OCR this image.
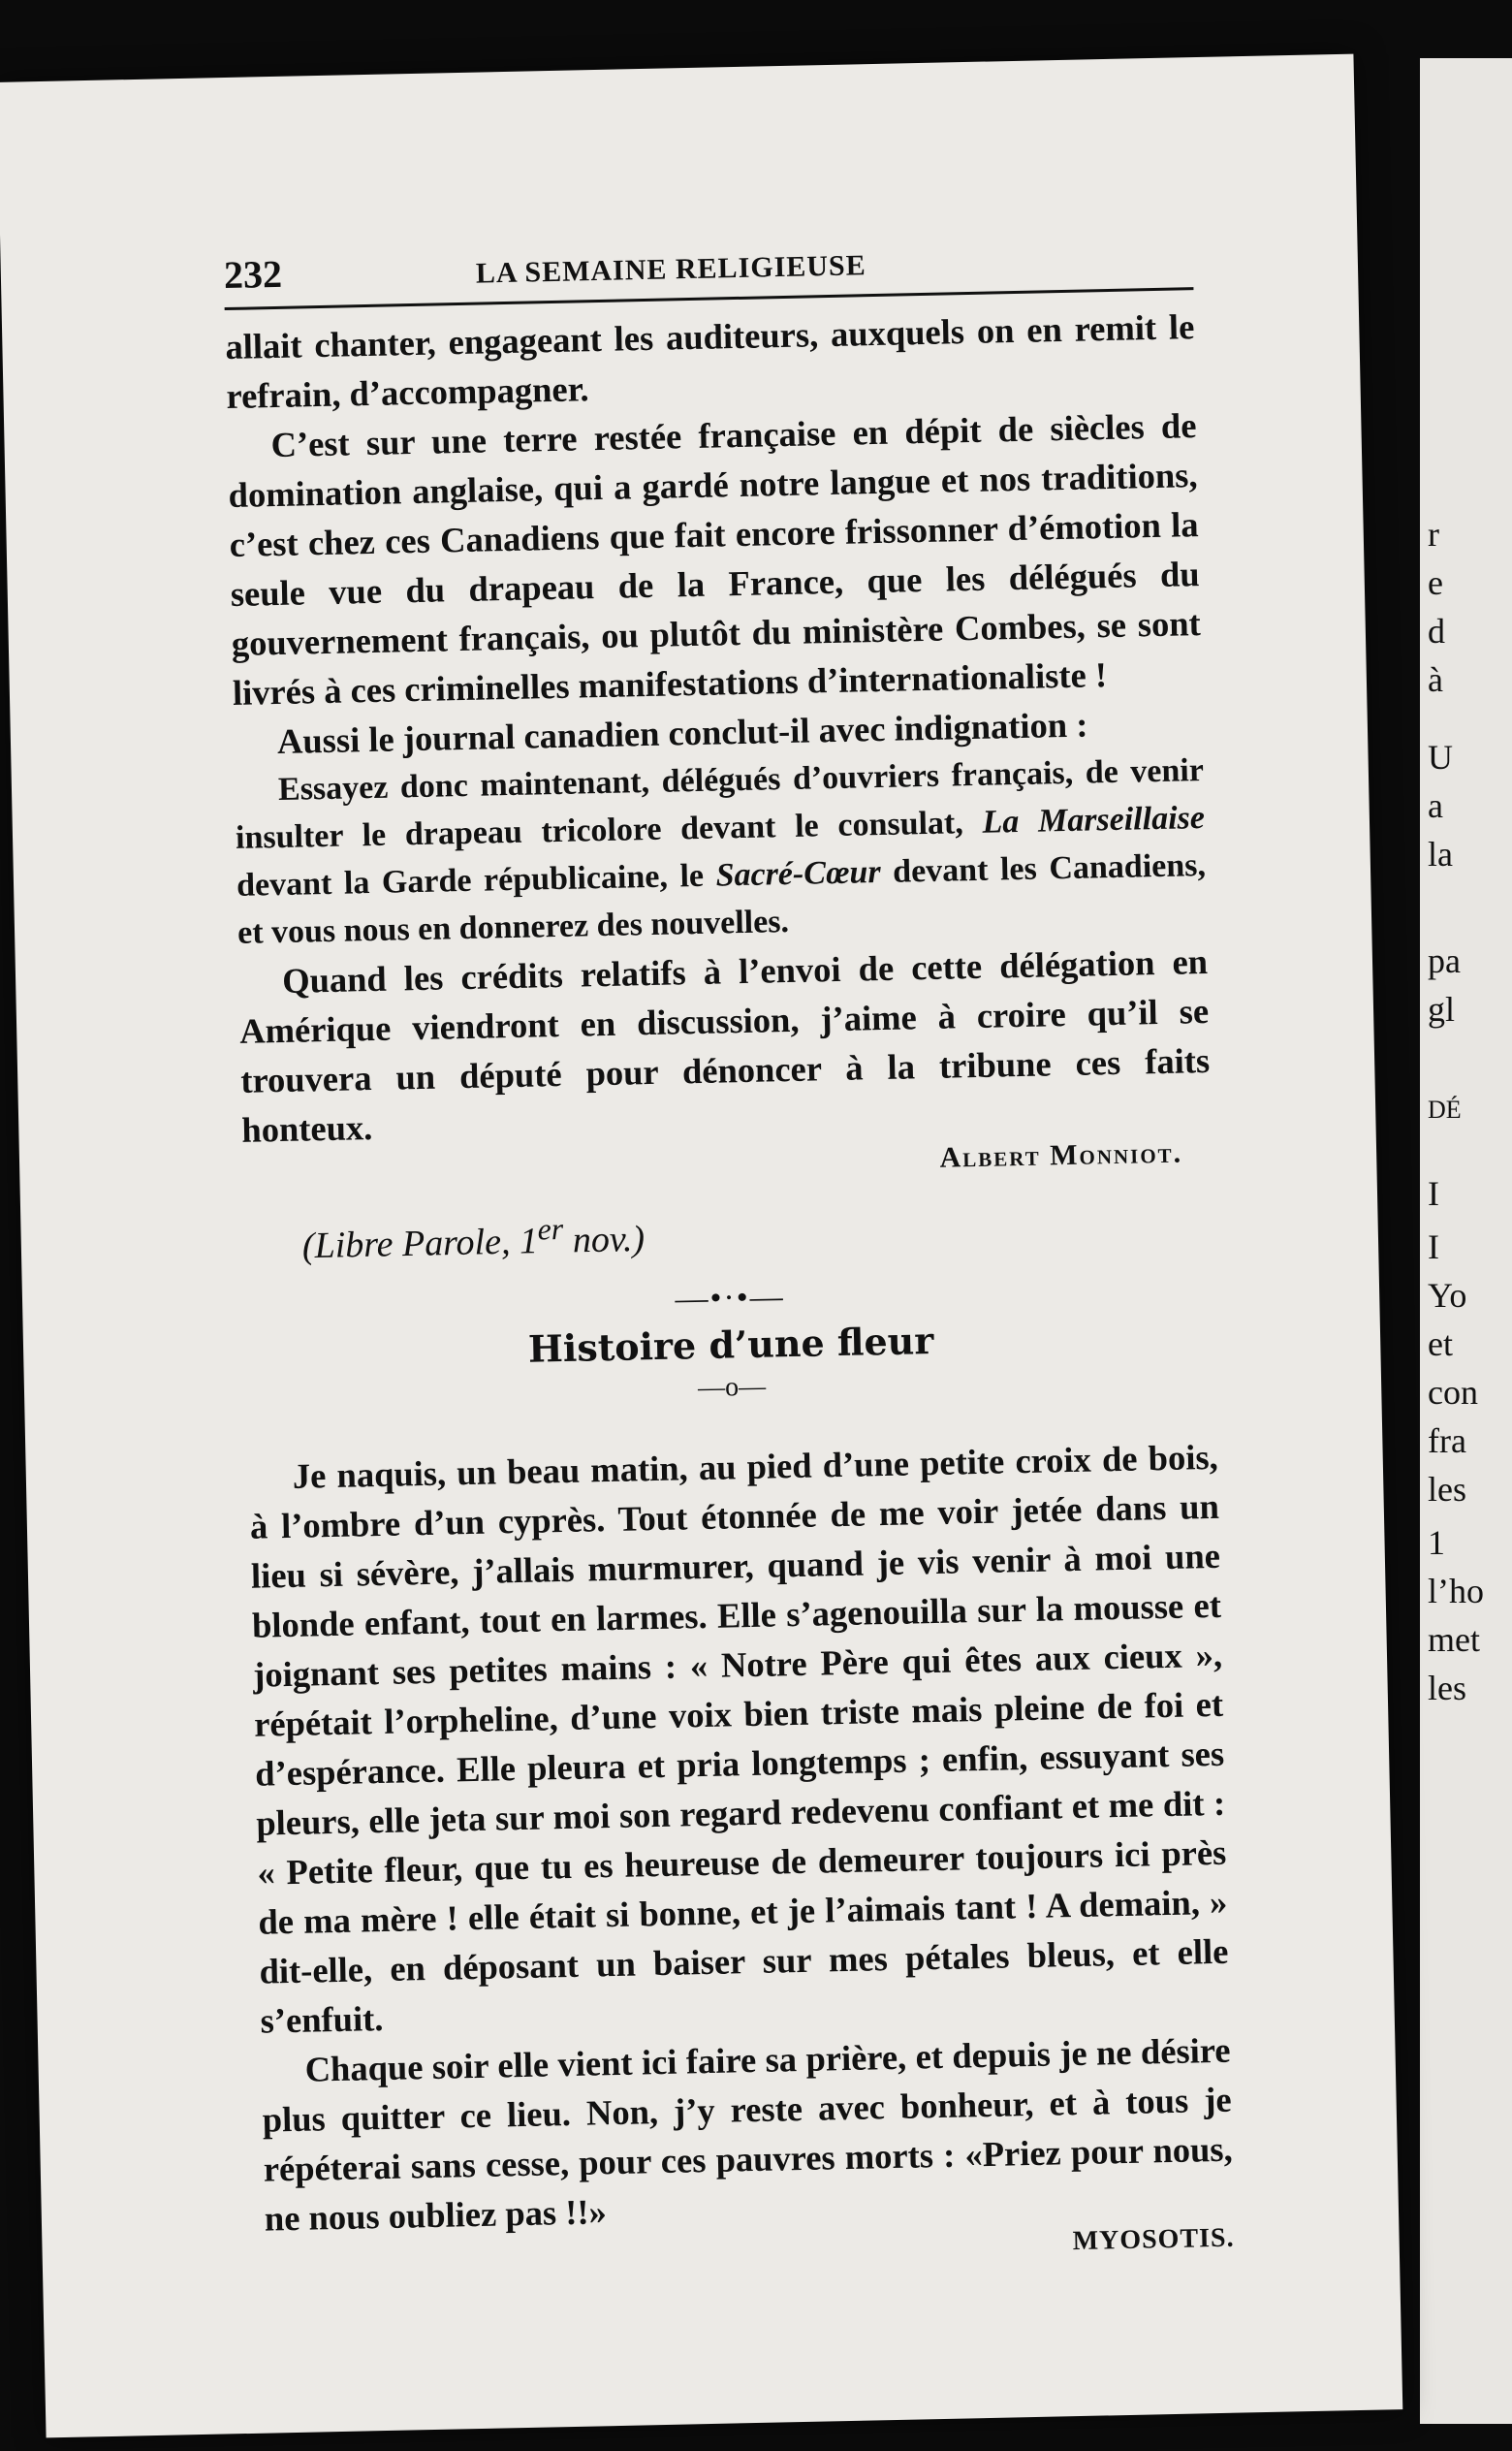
r
e
d
à
U
a
la
pa
gl
DÉ
I
I
Yo
et
con
fra
les
1
l’ho
met
les
232	LA SEMAINE RELIGIEUSE

allait chanter, engageant les auditeurs, auxquels on en remit le refrain, d’accompagner.

C’est sur une terre restée française en dépit de siècles de domination anglaise, qui a gardé notre langue et nos traditions, c’est chez ces Canadiens que fait encore frissonner d’émotion la seule vue du drapeau de la France, que les délégués du gouvernement français, ou plutôt du ministère Combes, se sont livrés à ces criminelles manifestations d’internationaliste !

Aussi le journal canadien conclut-il avec indignation :

Essayez donc maintenant, délégués d’ouvriers français, de venir insulter le drapeau tricolore devant le consulat, La Marseillaise devant la Garde républicaine, le Sacré-Cœur devant les Canadiens, et vous nous en donnerez des nouvelles.

Quand les crédits relatifs à l’envoi de cette délégation en Amérique viendront en discussion, j’aime à croire qu’il se trouvera un député pour dénoncer à la tribune ces faits honteux.

Albert Monniot.
(Libre Parole, 1er nov.)
—•·•—
Histoire d’une fleur
—o—

Je naquis, un beau matin, au pied d’une petite croix de bois, à l’ombre d’un cyprès. Tout étonnée de me voir jetée dans un lieu si sévère, j’allais murmurer, quand je vis venir à moi une blonde enfant, tout en larmes. Elle s’agenouilla sur la mousse et joignant ses petites mains : « Notre Père qui êtes aux cieux », répétait l’orpheline, d’une voix bien triste mais pleine de foi et d’espérance. Elle pleura et pria longtemps ; enfin, essuyant ses pleurs, elle jeta sur moi son regard redevenu confiant et me dit : « Petite fleur, que tu es heureuse de demeurer toujours ici près de ma mère ! elle était si bonne, et je l’aimais tant ! A demain, » dit-elle, en déposant un baiser sur mes pétales bleus, et elle s’enfuit.

Chaque soir elle vient ici faire sa prière, et depuis je ne désire plus quitter ce lieu. Non, j’y reste avec bonheur, et à tous je répéterai sans cesse, pour ces pauvres morts : «Priez pour nous, ne nous oubliez pas !!»

MYOSOTIS.
